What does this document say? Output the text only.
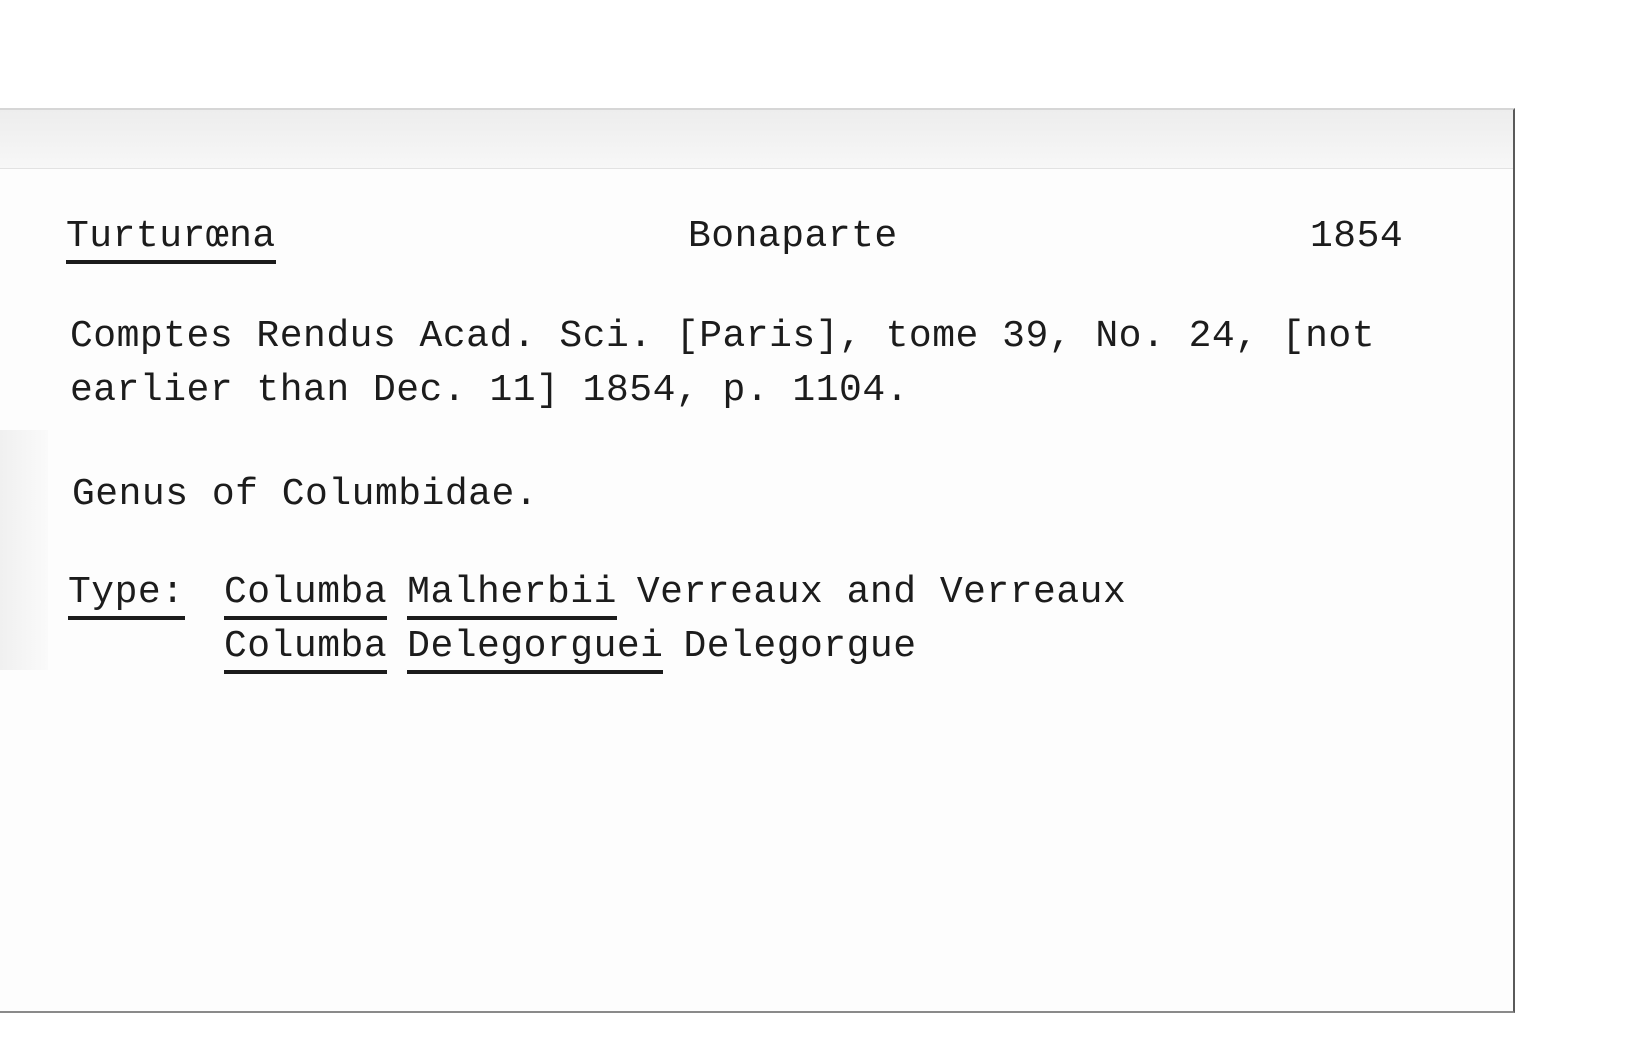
Turturœna	Bonaparte	1854
Comptes Rendus Acad. Sci. [Paris], tome 39, No. 24, [not earlier than Dec. 11] 1854, p. 1104.
Genus of Columbidae.
Type: Columba Malherbii Verreaux and Verreaux
Columba Delegorguei Delegorgue
